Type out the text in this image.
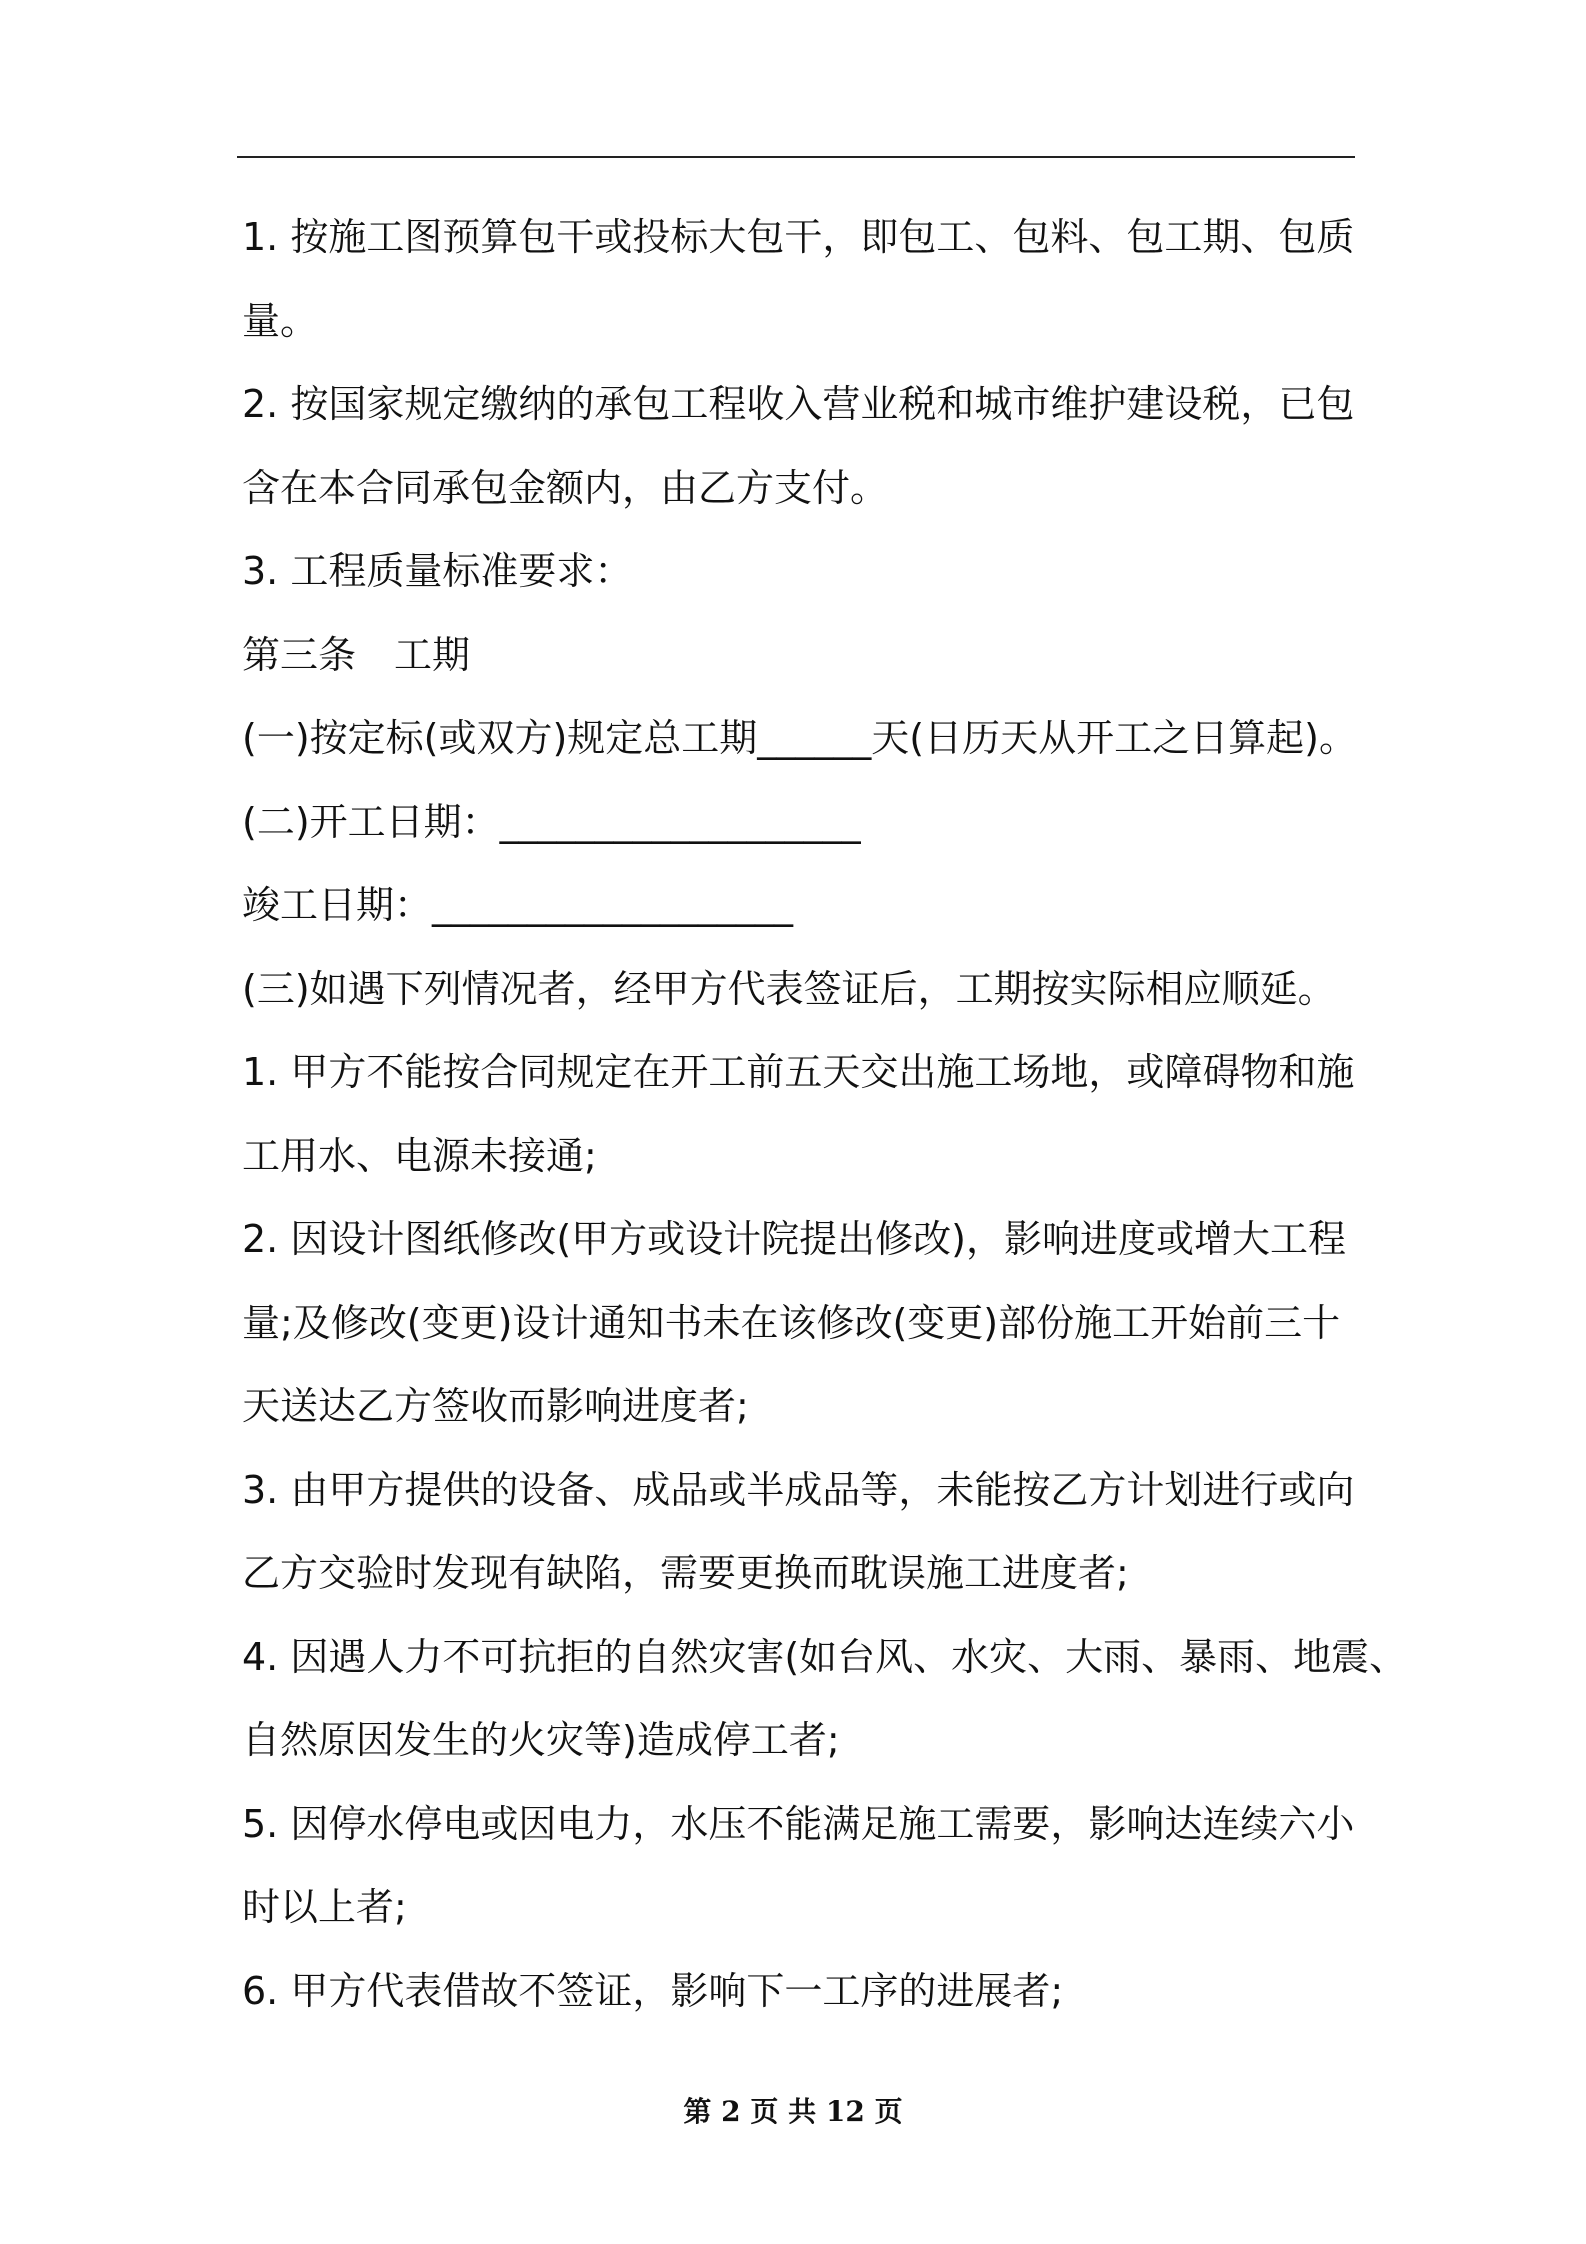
1. 按施工图预算包干或投标大包干，即包工、包料、包工期、包质

量。

2. 按国家规定缴纳的承包工程收入营业税和城市维护建设税，已包

含在本合同承包金额内，由乙方支付。

3. 工程质量标准要求：

第三条　工期

(一)按定标(或双方)规定总工期______天(日历天从开工之日算起)。

(二)开工日期：___________________

竣工日期：___________________

(三)如遇下列情况者，经甲方代表签证后，工期按实际相应顺延。

1. 甲方不能按合同规定在开工前五天交出施工场地，或障碍物和施

工用水、电源未接通;

2. 因设计图纸修改(甲方或设计院提出修改)，影响进度或增大工程

量;及修改(变更)设计通知书未在该修改(变更)部份施工开始前三十

天送达乙方签收而影响进度者;

3. 由甲方提供的设备、成品或半成品等，未能按乙方计划进行或向

乙方交验时发现有缺陷，需要更换而耽误施工进度者;

4. 因遇人力不可抗拒的自然灾害(如台风、水灾、大雨、暴雨、地震、

自然原因发生的火灾等)造成停工者;

5. 因停水停电或因电力，水压不能满足施工需要，影响达连续六小

时以上者;

6. 甲方代表借故不签证，影响下一工序的进展者;

第 2 页 共 12 页
